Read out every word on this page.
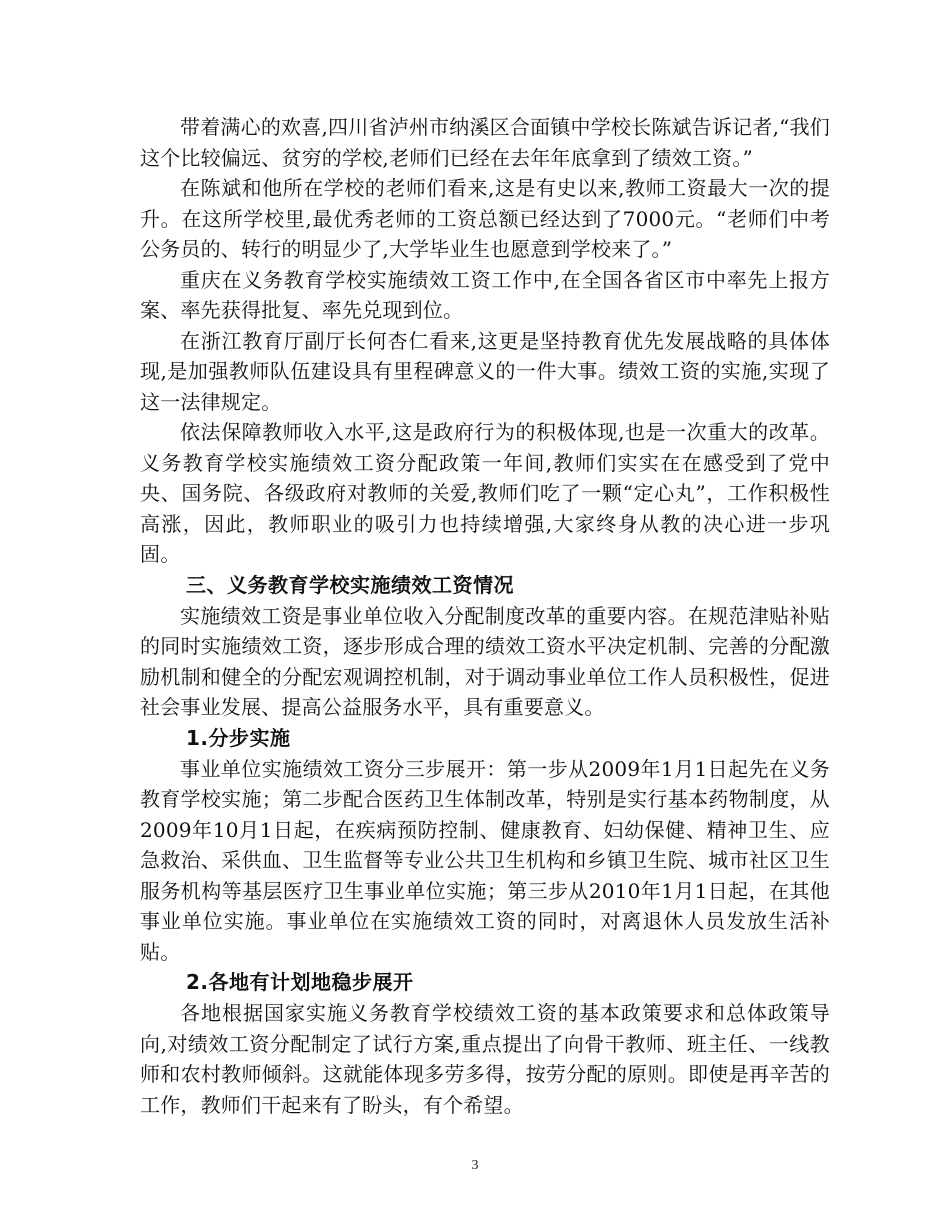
带着满心的欢喜,四川省泸州市纳溪区合面镇中学校长陈斌告诉记者,“我们这个比较偏远、贫穷的学校,老师们已经在去年年底拿到了绩效工资。”

在陈斌和他所在学校的老师们看来,这是有史以来,教师工资最大一次的提升。在这所学校里,最优秀老师的工资总额已经达到了7000元。“老师们中考公务员的、转行的明显少了,大学毕业生也愿意到学校来了。”

重庆在义务教育学校实施绩效工资工作中,在全国各省区市中率先上报方案、率先获得批复、率先兑现到位。

在浙江教育厅副厅长何杏仁看来,这更是坚持教育优先发展战略的具体体现,是加强教师队伍建设具有里程碑意义的一件大事。绩效工资的实施,实现了这一法律规定。

依法保障教师收入水平,这是政府行为的积极体现,也是一次重大的改革。义务教育学校实施绩效工资分配政策一年间,教师们实实在在感受到了党中央、国务院、各级政府对教师的关爱,教师们吃了一颗“定心丸”，工作积极性高涨，因此，教师职业的吸引力也持续增强,大家终身从教的决心进一步巩固。

三、义务教育学校实施绩效工资情况

实施绩效工资是事业单位收入分配制度改革的重要内容。在规范津贴补贴的同时实施绩效工资，逐步形成合理的绩效工资水平决定机制、完善的分配激励机制和健全的分配宏观调控机制，对于调动事业单位工作人员积极性，促进社会事业发展、提高公益服务水平，具有重要意义。

1.分步实施

事业单位实施绩效工资分三步展开：第一步从2009年1月1日起先在义务教育学校实施；第二步配合医药卫生体制改革，特别是实行基本药物制度，从2009年10月1日起，在疾病预防控制、健康教育、妇幼保健、精神卫生、应急救治、采供血、卫生监督等专业公共卫生机构和乡镇卫生院、城市社区卫生服务机构等基层医疗卫生事业单位实施；第三步从2010年1月1日起，在其他事业单位实施。事业单位在实施绩效工资的同时，对离退休人员发放生活补贴。

2.各地有计划地稳步展开

各地根据国家实施义务教育学校绩效工资的基本政策要求和总体政策导向,对绩效工资分配制定了试行方案,重点提出了向骨干教师、班主任、一线教师和农村教师倾斜。这就能体现多劳多得，按劳分配的原则。即使是再辛苦的工作，教师们干起来有了盼头，有个希望。

3
